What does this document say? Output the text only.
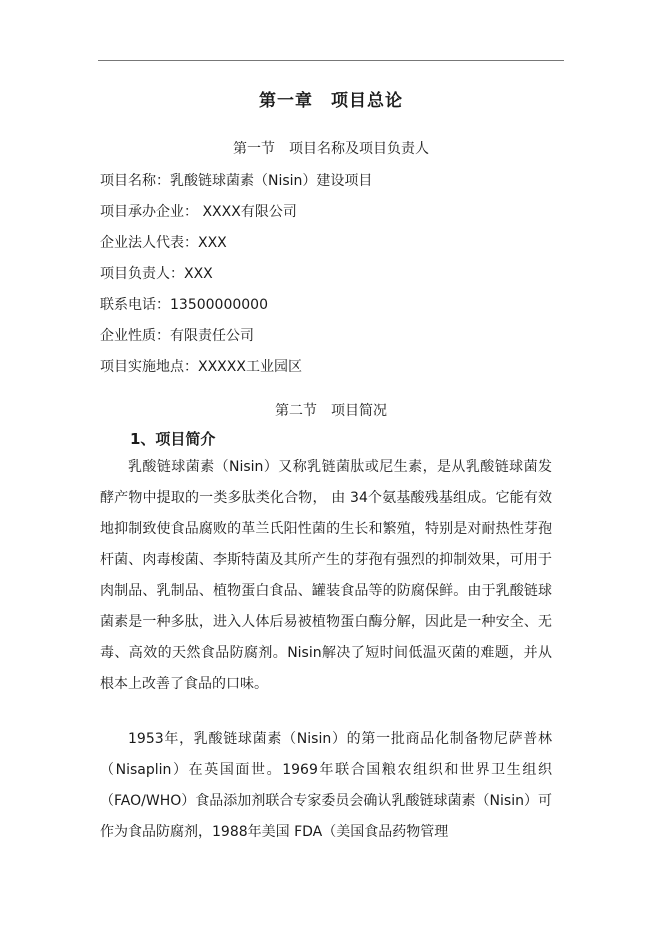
第一章 项目总论
第一节 项目名称及项目负责人
项目名称：乳酸链球菌素（Nisin）建设项目
项目承办企业： XXXX有限公司
企业法人代表：XXX
项目负责人：XXX
联系电话：13500000000
企业性质：有限责任公司
项目实施地点：XXXXX工业园区
第二节 项目简况
1、项目简介

乳酸链球菌素（Nisin）又称乳链菌肽或尼生素，是从乳酸链球菌发酵产物中提取的一类多肽类化合物， 由 34个氨基酸残基组成。它能有效地抑制致使食品腐败的革兰氏阳性菌的生长和繁殖，特别是对耐热性芽孢杆菌、肉毒梭菌、李斯特菌及其所产生的芽孢有强烈的抑制效果，可用于肉制品、乳制品、植物蛋白食品、罐装食品等的防腐保鲜。由于乳酸链球菌素是一种多肽，进入人体后易被植物蛋白酶分解，因此是一种安全、无毒、高效的天然食品防腐剂。Nisin解决了短时间低温灭菌的难题，并从根本上改善了食品的口味。

1953年，乳酸链球菌素（Nisin）的第一批商品化制备物尼萨普林（Nisaplin）在英国面世。1969年联合国粮农组织和世界卫生组织（FAO/WHO）食品添加剂联合专家委员会确认乳酸链球菌素（Nisin）可作为食品防腐剂，1988年美国 FDA（美国食品药物管理
